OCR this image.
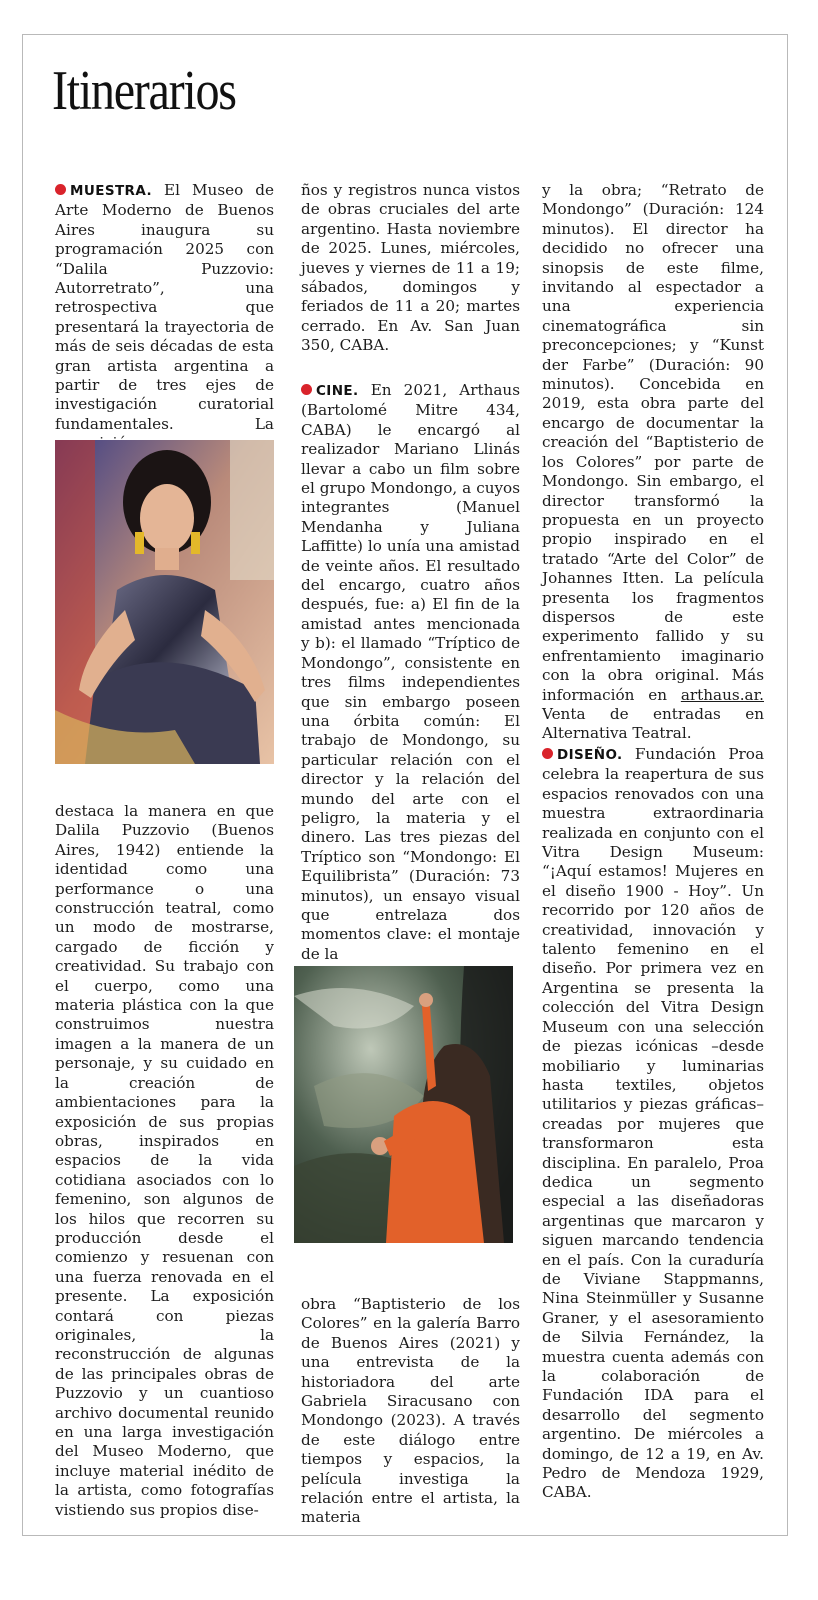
Itinerarios

MUESTRA. El Museo de Arte Moderno de Buenos Aires inaugura su programación 2025 con “Dalila Puzzovio: Autorretrato”, una retrospectiva que presentará la trayectoria de más de seis décadas de esta gran artista argentina a partir de tres ejes de investigación curatorial fundamentales. La

destaca la manera en que Dalila Puzzovio (Buenos Aires, 1942) entiende la identidad como una performance o una construcción teatral, como un modo de mostrarse, cargado de ficción y creatividad. Su trabajo con el cuerpo, como una materia plástica con la que construimos nuestra imagen a la manera de un personaje, y su cuidado en la creación de ambientaciones para la exposición de sus propias obras, inspirados en espacios de la vida cotidiana asociados con lo femenino, son algunos de los hilos que recorren su producción desde el comienzo y resuenan con una fuerza renovada en el presente. La exposición contará con piezas originales, la reconstrucción de algunas de las principales obras de Puzzovio y un cuantioso archivo documental reunido en una larga investigación del Museo Moderno, que incluye material inédito de la artista, como fotografías vistiendo sus propios dise-

ños y registros nunca vistos de obras cruciales del arte argentino. Hasta noviembre de 2025. Lunes, miércoles, jueves y viernes de 11 a 19; sábados, domingos y feriados de 11 a 20; martes cerrado. En Av. San Juan 350, CABA.

CINE. En 2021, Arthaus (Bartolomé Mitre 434, CABA) le encargó al realizador Mariano Llinás llevar a cabo un film sobre el grupo Mondongo, a cuyos integrantes (Manuel Mendanha y Juliana Laffitte) lo unía una amistad de veinte años. El resultado del encargo, cuatro años después, fue: a) El fin de la amistad antes mencionada y b): el llamado “Tríptico de Mondongo”, consistente en tres films independientes que sin embargo poseen una órbita común: El trabajo de Mondongo, su particular relación con el director y la relación del mundo del arte con el peligro, la materia y el dinero. Las tres piezas del Tríptico son “Mondongo: El Equilibrista” (Duración: 73 minutos), un ensayo visual que entrelaza dos momentos clave: el montaje de la

obra “Baptisterio de los Colores” en la galería Barro de Buenos Aires (2021) y una entrevista de la historiadora del arte Gabriela Siracusano con Mondongo (2023). A través de este diálogo entre tiempos y espacios, la película investiga la relación entre el artista, la materia

y la obra; “Retrato de Mondongo” (Duración: 124 minutos). El director ha decidido no ofrecer una sinopsis de este filme, invitando al espectador a una experiencia cinematográfica sin preconcepciones; y “Kunst der Farbe” (Duración: 90 minutos). Concebida en 2019, esta obra parte del encargo de documentar la creación del “Baptisterio de los Colores” por parte de Mondongo. Sin embargo, el director transformó la propuesta en un proyecto propio inspirado en el tratado “Arte del Color” de Johannes Itten. La película presenta los fragmentos dispersos de este experimento fallido y su enfrentamiento imaginario con la obra original. Más información en arthaus.ar. Venta de entradas en Alternativa Teatral.

DISEÑO. Fundación Proa celebra la reapertura de sus espacios renovados con una muestra extraordinaria realizada en conjunto con el Vitra Design Museum: “¡Aquí estamos! Mujeres en el diseño 1900 - Hoy”. Un recorrido por 120 años de creatividad, innovación y talento femenino en el diseño. Por primera vez en Argentina se presenta la colección del Vitra Design Museum con una selección de piezas icónicas –desde mobiliario y luminarias hasta textiles, objetos utilitarios y piezas gráficas– creadas por mujeres que transformaron esta disciplina. En paralelo, Proa dedica un segmento especial a las diseñadoras argentinas que marcaron y siguen marcando tendencia en el país. Con la curaduría de Viviane Stappmanns, Nina Steinmüller y Susanne Graner, y el asesoramiento de Silvia Fernández, la muestra cuenta además con la colaboración de Fundación IDA para el desarrollo del segmento argentino. De miércoles a domingo, de 12 a 19, en Av. Pedro de Mendoza 1929, CABA.
